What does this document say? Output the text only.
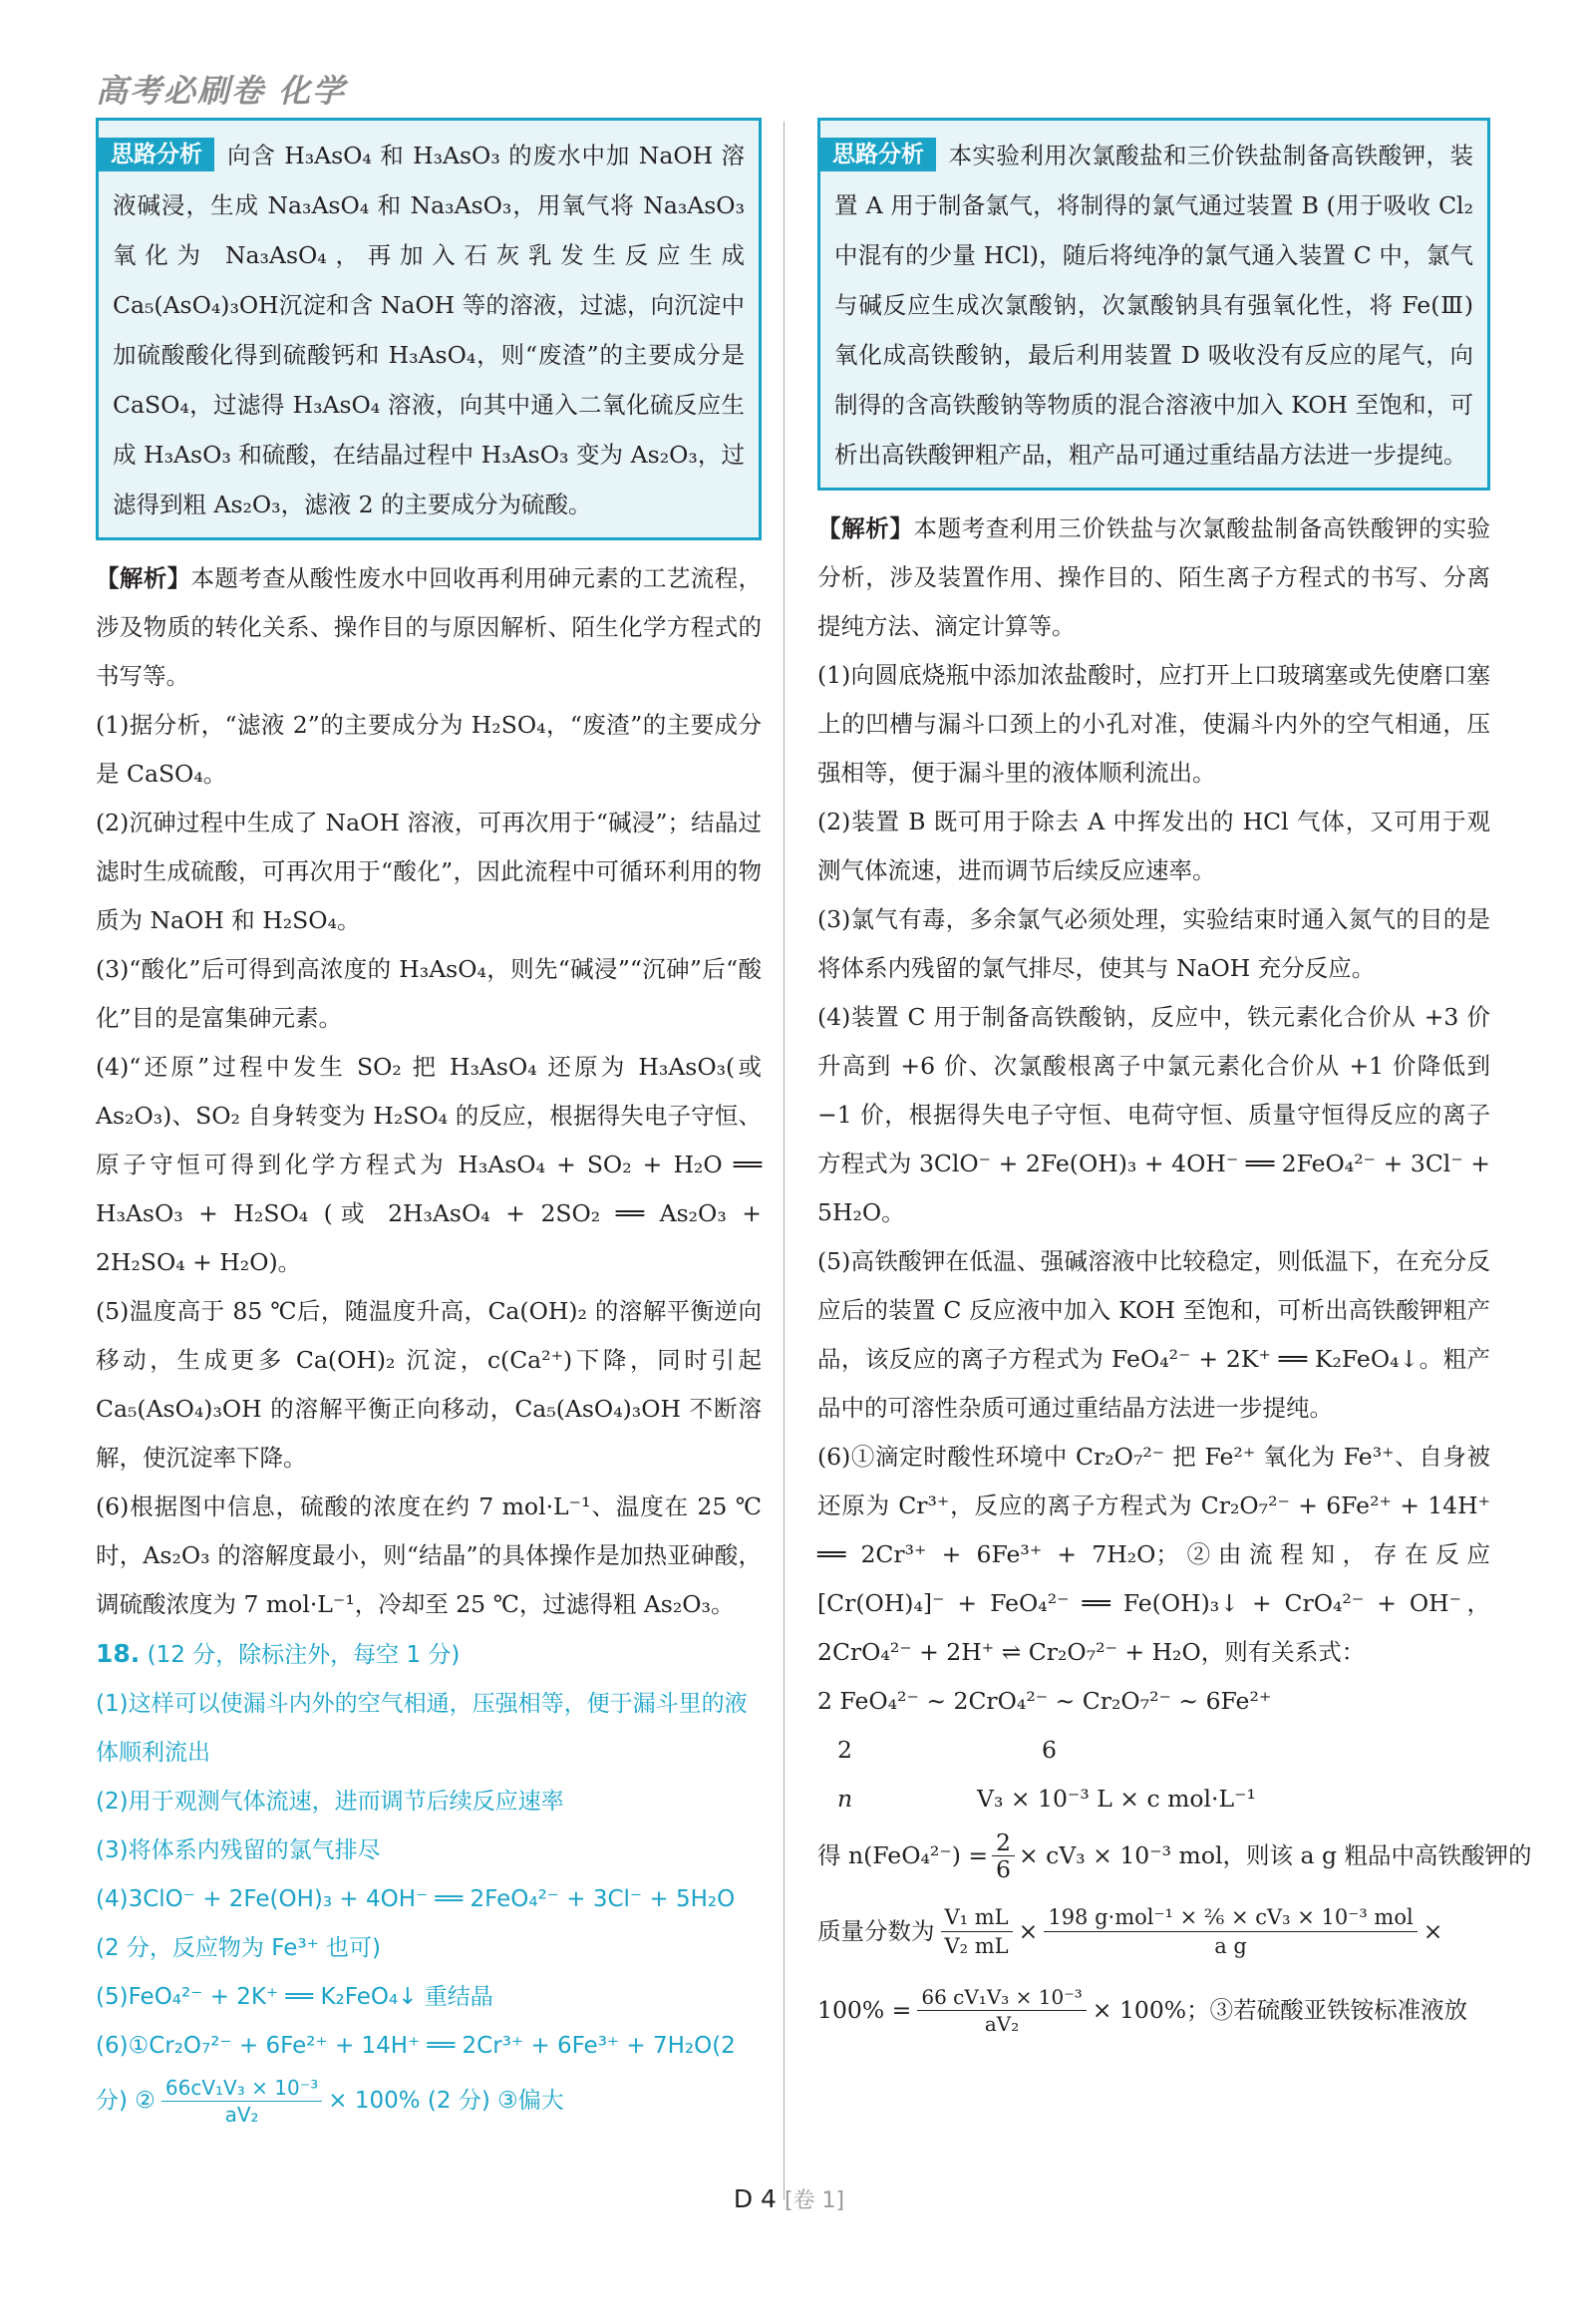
高考必刷卷 化学
思路分析 向含 H₃AsO₄ 和 H₃AsO₃ 的废水中加 NaOH 溶液碱浸，生成 Na₃AsO₄ 和 Na₃AsO₃，用氧气将 Na₃AsO₃ 氧化为 Na₃AsO₄，再加入石灰乳发生反应生成 Ca₅(AsO₄)₃OH沉淀和含 NaOH 等的溶液，过滤，向沉淀中加硫酸酸化得到硫酸钙和 H₃AsO₄，则“废渣”的主要成分是 CaSO₄，过滤得 H₃AsO₄ 溶液，向其中通入二氧化硫反应生成 H₃AsO₃ 和硫酸，在结晶过程中 H₃AsO₃ 变为 As₂O₃，过滤得到粗 As₂O₃，滤液 2 的主要成分为硫酸。

【解析】本题考查从酸性废水中回收再利用砷元素的工艺流程，涉及物质的转化关系、操作目的与原因解析、陌生化学方程式的书写等。

(1)据分析，“滤液 2”的主要成分为 H₂SO₄，“废渣”的主要成分是 CaSO₄。

(2)沉砷过程中生成了 NaOH 溶液，可再次用于“碱浸”；结晶过滤时生成硫酸，可再次用于“酸化”，因此流程中可循环利用的物质为 NaOH 和 H₂SO₄。

(3)“酸化”后可得到高浓度的 H₃AsO₄，则先“碱浸”“沉砷”后“酸化”目的是富集砷元素。

(4)“还原”过程中发生 SO₂ 把 H₃AsO₄ 还原为 H₃AsO₃(或 As₂O₃)、SO₂ 自身转变为 H₂SO₄ 的反应，根据得失电子守恒、原子守恒可得到化学方程式为 H₃AsO₄ + SO₂ + H₂O ══ H₃AsO₃ + H₂SO₄ (或 2H₃AsO₄ + 2SO₂ ══ As₂O₃ + 2H₂SO₄ + H₂O)。

(5)温度高于 85 ℃后，随温度升高，Ca(OH)₂ 的溶解平衡逆向移动，生成更多 Ca(OH)₂ 沉淀，c(Ca²⁺)下降，同时引起 Ca₅(AsO₄)₃OH 的溶解平衡正向移动，Ca₅(AsO₄)₃OH 不断溶解，使沉淀率下降。

(6)根据图中信息，硫酸的浓度在约 7 mol·L⁻¹、温度在 25 ℃时，As₂O₃ 的溶解度最小，则“结晶”的具体操作是加热亚砷酸，调硫酸浓度为 7 mol·L⁻¹，冷却至 25 ℃，过滤得粗 As₂O₃。

18. (12 分，除标注外，每空 1 分)

(1)这样可以使漏斗内外的空气相通，压强相等，便于漏斗里的液体顺利流出

(2)用于观测气体流速，进而调节后续反应速率

(3)将体系内残留的氯气排尽

(4)3ClO⁻ + 2Fe(OH)₃ + 4OH⁻ ══ 2FeO₄²⁻ + 3Cl⁻ + 5H₂O

(2 分，反应物为 Fe³⁺ 也可)

(5)FeO₄²⁻ + 2K⁺ ══ K₂FeO₄↓ 重结晶

(6)①Cr₂O₇²⁻ + 6Fe²⁺ + 14H⁺ ══ 2Cr³⁺ + 6Fe³⁺ + 7H₂O(2

分) ② $\frac{\text{66cV₁V₃ × 10⁻³}}{\text{aV₂}} \times 100\%$ (2 分) ③偏大
思路分析 本实验利用次氯酸盐和三价铁盐制备高铁酸钾，装置 A 用于制备氯气，将制得的氯气通过装置 B (用于吸收 Cl₂ 中混有的少量 HCl)，随后将纯净的氯气通入装置 C 中，氯气与碱反应生成次氯酸钠，次氯酸钠具有强氧化性，将 Fe(Ⅲ)氧化成高铁酸钠，最后利用装置 D 吸收没有反应的尾气，向制得的含高铁酸钠等物质的混合溶液中加入 KOH 至饱和，可析出高铁酸钾粗产品，粗产品可通过重结晶方法进一步提纯。

【解析】本题考查利用三价铁盐与次氯酸盐制备高铁酸钾的实验分析，涉及装置作用、操作目的、陌生离子方程式的书写、分离提纯方法、滴定计算等。

(1)向圆底烧瓶中添加浓盐酸时，应打开上口玻璃塞或先使磨口塞上的凹槽与漏斗口颈上的小孔对准，使漏斗内外的空气相通，压强相等，便于漏斗里的液体顺利流出。

(2)装置 B 既可用于除去 A 中挥发出的 HCl 气体，又可用于观测气体流速，进而调节后续反应速率。

(3)氯气有毒，多余氯气必须处理，实验结束时通入氮气的目的是将体系内残留的氯气排尽，使其与 NaOH 充分反应。

(4)装置 C 用于制备高铁酸钠，反应中，铁元素化合价从 +3 价升高到 +6 价、次氯酸根离子中氯元素化合价从 +1 价降低到 −1 价，根据得失电子守恒、电荷守恒、质量守恒得反应的离子方程式为 3ClO⁻ + 2Fe(OH)₃ + 4OH⁻ ══ 2FeO₄²⁻ + 3Cl⁻ + 5H₂O。

(5)高铁酸钾在低温、强碱溶液中比较稳定，则低温下，在充分反应后的装置 C 反应液中加入 KOH 至饱和，可析出高铁酸钾粗产品，该反应的离子方程式为 FeO₄²⁻ + 2K⁺ ══ K₂FeO₄↓。粗产品中的可溶性杂质可通过重结晶方法进一步提纯。

(6)①滴定时酸性环境中 Cr₂O₇²⁻ 把 Fe²⁺ 氧化为 Fe³⁺、自身被还原为 Cr³⁺，反应的离子方程式为 Cr₂O₇²⁻ + 6Fe²⁺ + 14H⁺ ══ 2Cr³⁺ + 6Fe³⁺ + 7H₂O；②由流程知，存在反应 [Cr(OH)₄]⁻ + FeO₄²⁻ ══ Fe(OH)₃↓ + CrO₄²⁻ + OH⁻，2CrO₄²⁻ + 2H⁺ ⇌ Cr₂O₇²⁻ + H₂O，则有关系式：

2 FeO₄²⁻ ~ 2CrO₄²⁻ ~ Cr₂O₇²⁻ ~ 6Fe²⁺
2	6
n	V₃ × 10⁻³ L × c mol·L⁻¹
得 $n(FeO_4^{2-}) = \frac{2}{6} \times cV_3 \times 10^{-3}$ mol，则该 a g 粗品中高铁酸钾的
质量分数为 $\frac{\text{V₁ mL}}{\text{V₂ mL}} \times 198$ g·mol⁻¹ × ²⁄₆ × cV₃ × 10⁻³ mol
a g
×
$100\% = \frac{\text{66 cV₁V₃ × 10⁻³}}{\text{aV₂}} \times 100\%$；③若硫酸亚铁铵标准液放
D 4 [卷 1]
